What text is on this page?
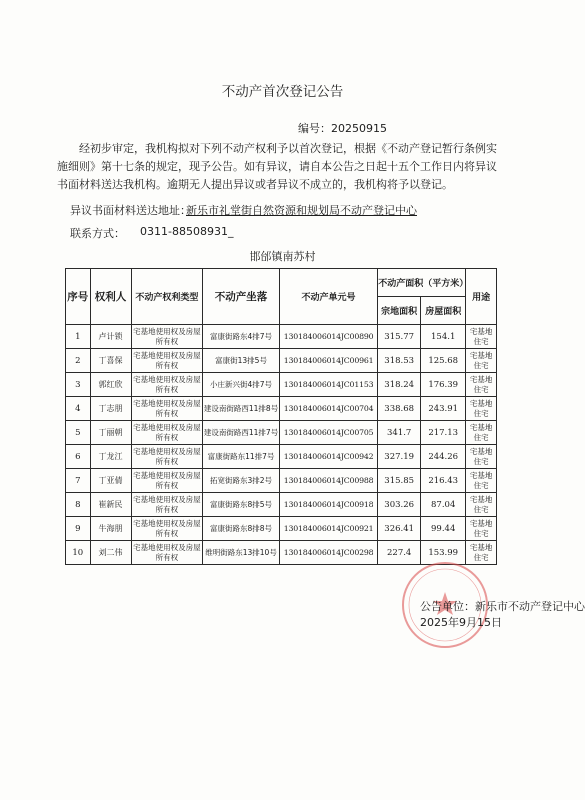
不动产首次登记公告
编号：20250915
经初步审定，我机构拟对下列不动产权利予以首次登记，根据《不动产登记暂行条例实施细则》第十七条的规定，现予公告。如有异议，请自本公告之日起十五个工作日内将异议书面材料送达我机构。逾期无人提出异议或者异议不成立的，我机构将予以登记。
异议书面材料送达地址：
新乐市礼堂街自然资源和规划局不动产登记中心
联系方式： 0311-88508931_
邯邰镇南苏村
序号	权利人	不动产权利类型	不动产坐落	不动产单元号	不动产面积（平方米）		用途
					宗地面积	房屋面积	
1	卢计锁	宅基地使用权及房屋所有权	富康街路东4排7号	130184006014JC00890	315.77	154.1	宅基地住宅
2	丁喜保	宅基地使用权及房屋所有权	富康街13排5号	130184006014JC00961	318.53	125.68	宅基地住宅
3	郭红欣	宅基地使用权及房屋所有权	小庄新兴街4排7号	130184006014JC01153	318.24	176.39	宅基地住宅
4	丁志朋	宅基地使用权及房屋所有权	建设南街路西11排8号	130184006014JC00704	338.68	243.91	宅基地住宅
5	丁丽朝	宅基地使用权及房屋所有权	建设南街路西11排7号	130184006014JC00705	341.7	217.13	宅基地住宅
6	丁龙江	宅基地使用权及房屋所有权	富康街路东11排7号	130184006014JC00942	327.19	244.26	宅基地住宅
7	丁亚倩	宅基地使用权及房屋所有权	拓宽街路东3排2号	130184006014JC00988	315.85	216.43	宅基地住宅
8	崔新民	宅基地使用权及房屋所有权	富康街路东8排5号	130184006014JC00918	303.26	87.04	宅基地住宅
9	牛海朋	宅基地使用权及房屋所有权	富康街路东8排8号	130184006014JC00921	326.41	99.44	宅基地住宅
10	刘二伟	宅基地使用权及房屋所有权	维明街路东13排10号	130184006014JC00298	227.4	153.99	宅基地住宅
公告单位：新乐市不动产登记中心
2025年9月15日
